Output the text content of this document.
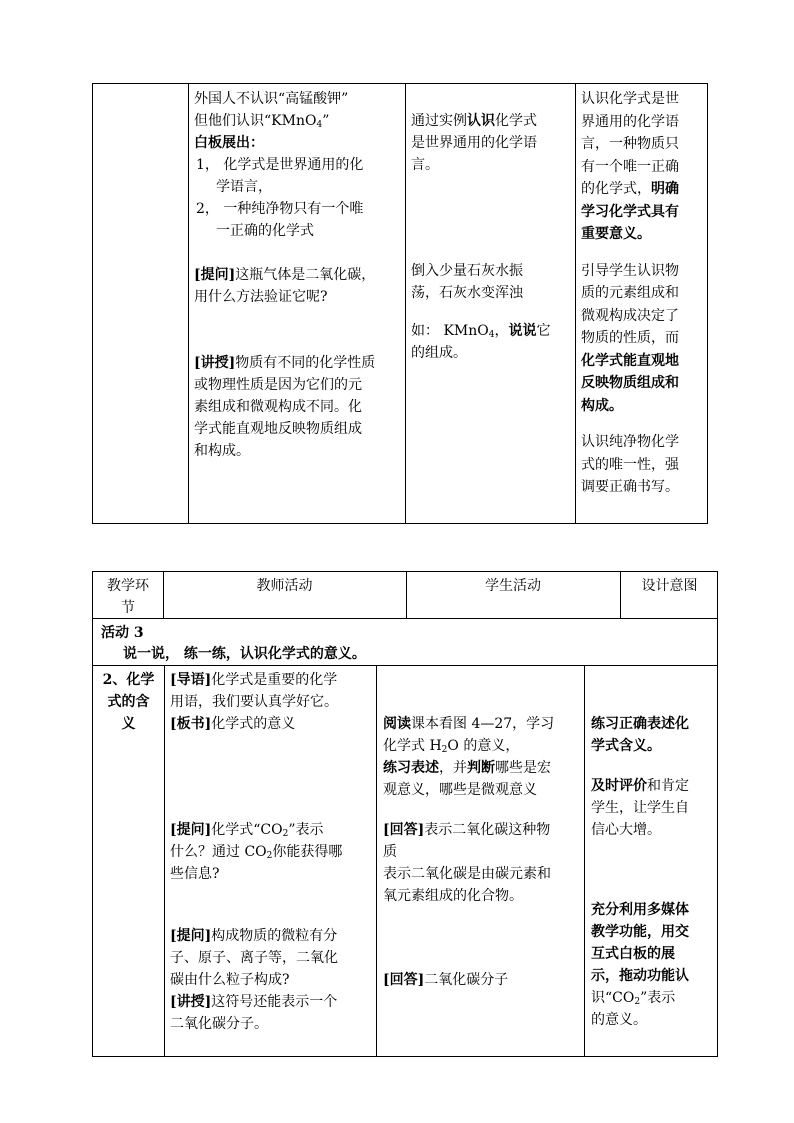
外国人不认识“高锰酸钾”
但他们认识“KMnO$_4$”
白板展出：
1， 化学式是世界通用的化
学语言，
2， 一种纯净物只有一个唯
一正确的化学式
[提问]这瓶气体是二氧化碳，
用什么方法验证它呢?
[讲授]物质有不同的化学性质
或物理性质是因为它们的元
素组成和微观构成不同。化
学式能直观地反映物质组成
和构成。
通过实例认识化学式
是世界通用的化学语
言。
倒入少量石灰水振
荡，石灰水变浑浊
如： KMnO$_4$，说说它
的组成。
认识化学式是世
界通用的化学语
言，一种物质只
有一个唯一正确
的化学式，明确
学习化学式具有
重要意义。
引导学生认识物
质的元素组成和
微观构成决定了
物质的性质，而
化学式能直观地
反映物质组成和
构成。
认识纯净物化学
式的唯一性，强
调要正确书写。
教学环
节
教师活动	学生活动	设计意图
活动 3
说一说， 练一练，认识化学式的意义。
2、化学
式的含
义
[导语]化学式是重要的化学
用语，我们要认真学好它。
[板书]化学式的意义
[提问]化学式“$CO_2$”表示
什么？通过 $CO_2$你能获得哪
些信息?
[提问]构成物质的微粒有分
子、原子、离子等，二氧化
碳由什么粒子构成?
[讲授]这符号还能表示一个
二氧化碳分子。
阅读课本看图 4—27，学习
化学式 $H_2O$ 的意义，
练习表述，并判断哪些是宏
观意义，哪些是微观意义
[回答]表示二氧化碳这种物
质
表示二氧化碳是由碳元素和
氧元素组成的化合物。
[回答]二氧化碳分子
练习正确表述化
学式含义。
及时评价和肯定
学生，让学生自
信心大增。
充分利用多媒体
教学功能，用交
互式白板的展
示，拖动功能认
识“$CO_2$”表示
的意义。
